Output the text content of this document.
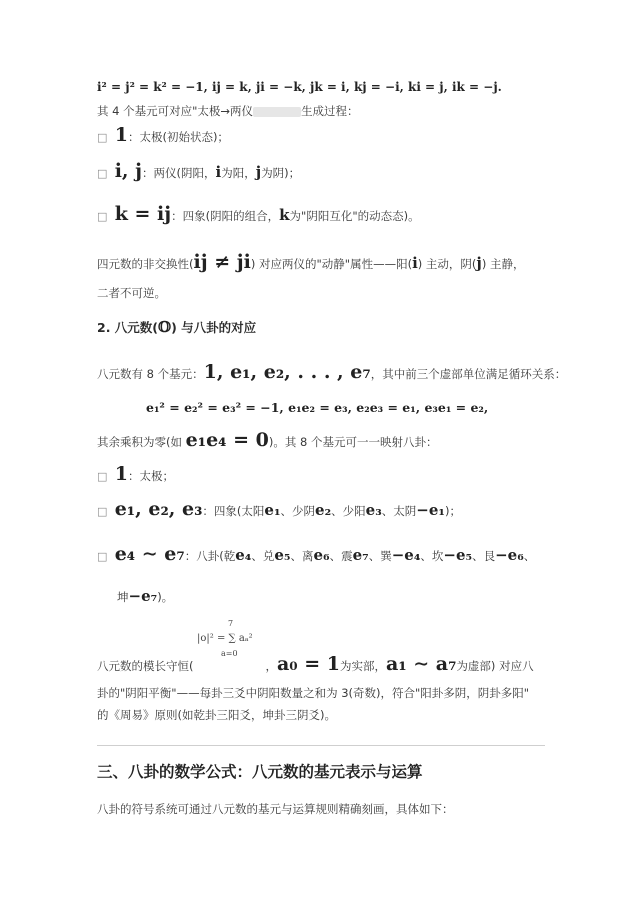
i² = j² = k² = −1, ij = k, ji = −k, jk = i, kj = −i, ki = j, ik = −j.
其 4 个基元可对应"太极→两仪	生成过程：
□ 1：太极(初始状态)；
□ i, j：两仪(阴阳，i为阳，j为阴)；
□ k = ij：四象(阴阳的组合，k为"阴阳互化"的动态态)。
四元数的非交换性(ij ≠ ji) 对应两仪的"动静"属性——阳(i) 主动，阴(j) 主静，
二者不可逆。
2. 八元数(𝕆) 与八卦的对应
八元数有 8 个基元：1, e₁, e₂, . . . , e₇，其中前三个虚部单位满足循环关系：
e₁² = e₂² = e₃² = −1, e₁e₂ = e₃, e₂e₃ = e₁, e₃e₁ = e₂,
其余乘积为零(如 e₁e₄ = 0)。其 8 个基元可一一映射八卦：
□ 1：太极；
□ e₁, e₂, e₃：四象(太阳e₁、少阴e₂、少阳e₃、太阴−e₁)；
□ e₄ ∼ e₇：八卦(乾e₄、兑e₅、离e₆、震e₇、巽−e₄、坎−e₅、艮−e₆、
坤−e₇)。
7
|o|² = ∑ aₐ²
a=0
八元数的模长守恒(	，a₀ = 1为实部，a₁ ∼ a₇为虚部) 对应八
卦的"阴阳平衡"——每卦三爻中阴阳数量之和为 3(奇数)，符合"阳卦多阴，阴卦多阳"
的《周易》原则(如乾卦三阳爻，坤卦三阴爻)。
三、八卦的数学公式：八元数的基元表示与运算
八卦的符号系统可通过八元数的基元与运算规则精确刻画，具体如下：
